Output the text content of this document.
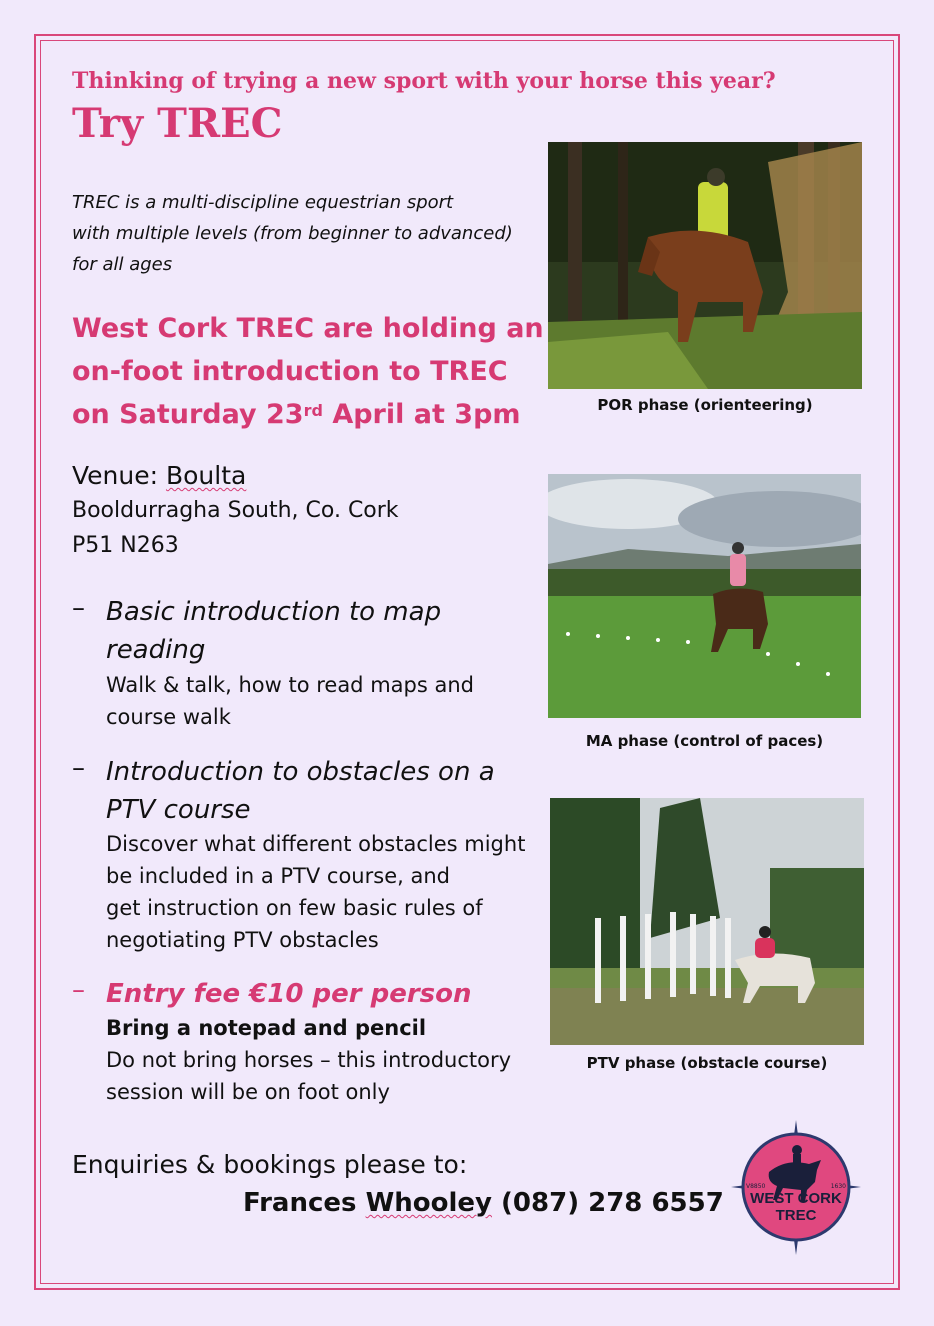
Thinking of trying a new sport with your horse this year?
Try TREC
TREC is a multi-discipline equestrian sport
with multiple levels (from beginner to advanced)
for all ages
West Cork TREC are holding an
on-foot introduction to TREC
on Saturday 23rd April at 3pm
Venue: Boulta
Booldurragha South, Co. Cork
P51 N263
– Basic introduction to map
reading
Walk & talk, how to read maps and
course walk
– Introduction to obstacles on a
PTV course
Discover what different obstacles might
be included in a PTV course, and
get instruction on few basic rules of
negotiating PTV obstacles
– Entry fee €10 per person
Bring a notepad and pencil
Do not bring horses – this introductory
session will be on foot only
Enquiries & bookings please to:
Frances Whooley (087) 278 6557
POR phase (orienteering)
MA phase (control of paces)
PTV phase (obstacle course)
V8850	1630
WEST CORK
TREC
